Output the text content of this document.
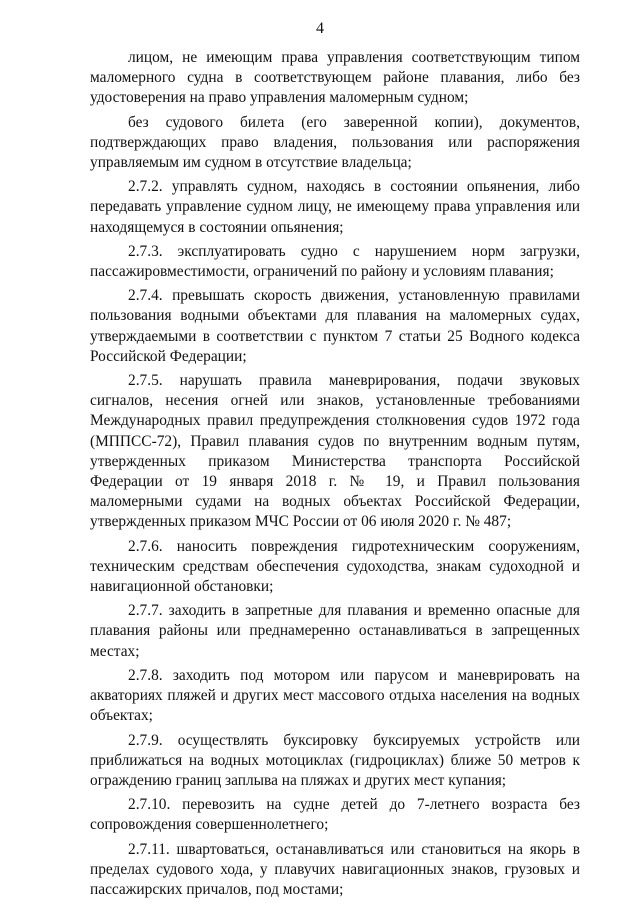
4

лицом, не имеющим права управления соответствующим типом маломерного судна в соответствующем районе плавания, либо без удостоверения на право управления маломерным судном;

без судового билета (его заверенной копии), документов, подтверждающих право владения, пользования или распоряжения управляемым им судном в отсутствие владельца;

2.7.2. управлять судном, находясь в состоянии опьянения, либо передавать управление судном лицу, не имеющему права управления или находящемуся в состоянии опьянения;

2.7.3. эксплуатировать судно с нарушением норм загрузки, пассажировместимости, ограничений по району и условиям плавания;

2.7.4. превышать скорость движения, установленную правилами пользования водными объектами для плавания на маломерных судах, утверждаемыми в соответствии с пунктом 7 статьи 25 Водного кодекса Российской Федерации;

2.7.5. нарушать правила маневрирования, подачи звуковых сигналов, несения огней или знаков, установленные требованиями Международных правил предупреждения столкновения судов 1972 года (МППСС-72), Правил плавания судов по внутренним водным путям, утвержденных приказом Министерства транспорта Российской Федерации от 19 января 2018 г. № 19, и Правил пользования маломерными судами на водных объектах Российской Федерации, утвержденных приказом МЧС России от 06 июля 2020 г. № 487;

2.7.6. наносить повреждения гидротехническим сооружениям, техническим средствам обеспечения судоходства, знакам судоходной и навигационной обстановки;

2.7.7. заходить в запретные для плавания и временно опасные для плавания районы или преднамеренно останавливаться в запрещенных местах;

2.7.8. заходить под мотором или парусом и маневрировать на акваториях пляжей и других мест массового отдыха населения на водных объектах;

2.7.9. осуществлять буксировку буксируемых устройств или приближаться на водных мотоциклах (гидроциклах) ближе 50 метров к ограждению границ заплыва на пляжах и других мест купания;

2.7.10. перевозить на судне детей до 7-летнего возраста без сопровождения совершеннолетнего;

2.7.11. швартоваться, останавливаться или становиться на якорь в пределах судового хода, у плавучих навигационных знаков, грузовых и пассажирских причалов, под мостами;
